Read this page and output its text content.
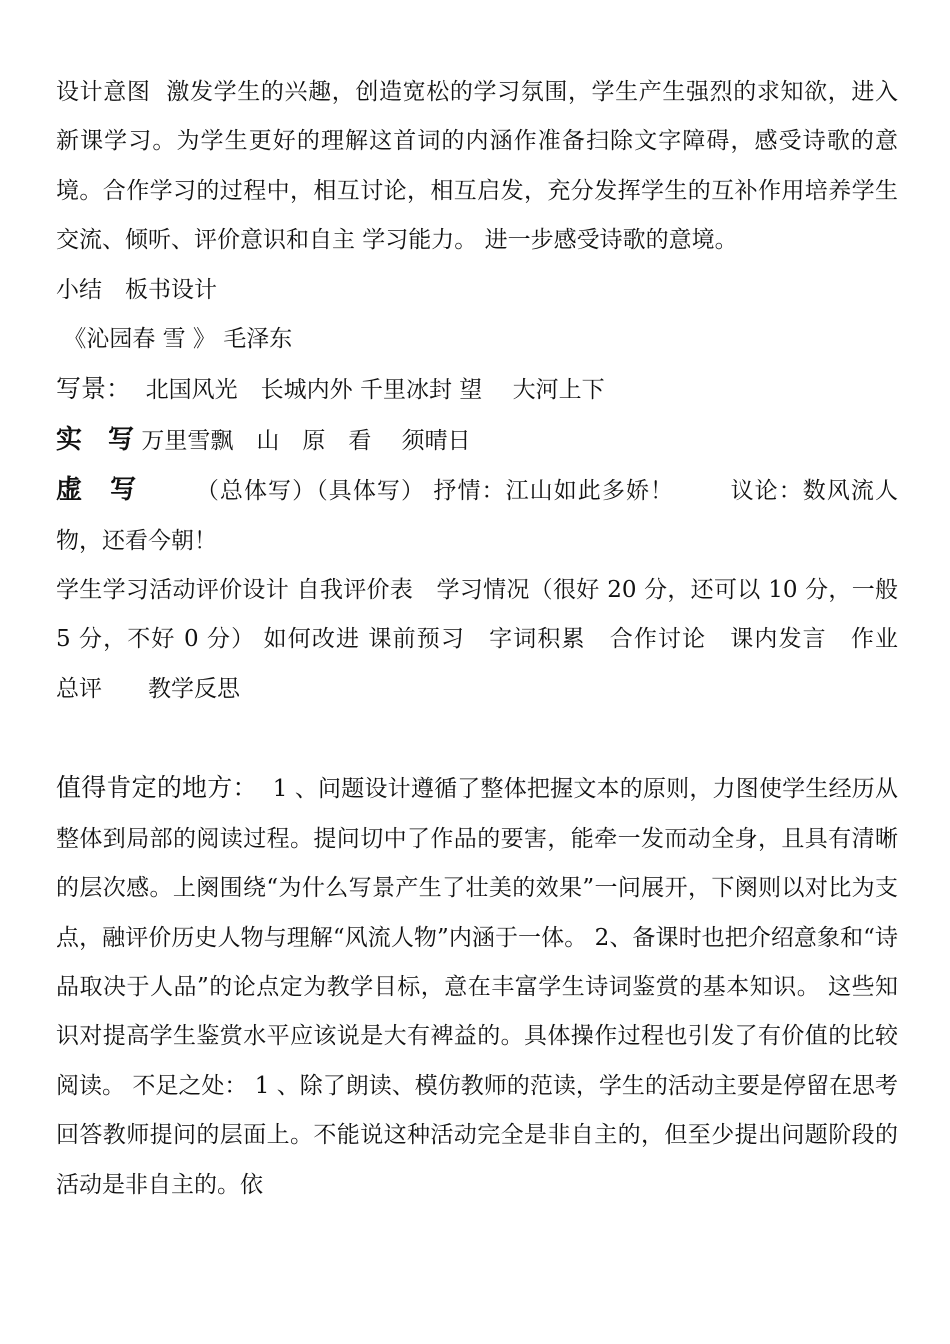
设计意图 激发学生的兴趣，创造宽松的学习氛围，学生产生强烈的求知欲，进入新课学习。为学生更好的理解这首词的内涵作准备扫除文字障碍，感受诗歌的意境。合作学习的过程中，相互讨论，相互启发，充分发挥学生的互补作用培养学生交流、倾听、评价意识和自主 学习能力。 进一步感受诗歌的意境。

小结　板书设计

《沁园春 雪 》 毛泽东

写景： 北国风光　长城内外 千里冰封 望　 大河上下

实　写 万里雪飘　山　原　看　 须晴日

虚　写	（总体写）（具体写） 抒情：江山如此多娇！　　 议论：数风流人物，还看今朝！

学生学习活动评价设计 自我评价表　学习情况（很好 20 分，还可以 10 分，一般 5 分，不好 0 分） 如何改进 课前预习　字词积累　合作讨论　课内发言　作业　总评　　教学反思

值得肯定的地方： 1 、问题设计遵循了整体把握文本的原则，力图使学生经历从整体到局部的阅读过程。提问切中了作品的要害，能牵一发而动全身，且具有清晰的层次感。上阕围绕“为什么写景产生了壮美的效果”一问展开，下阕则以对比为支点，融评价历史人物与理解“风流人物”内涵于一体。 2、备课时也把介绍意象和“诗品取决于人品”的论点定为教学目标，意在丰富学生诗词鉴赏的基本知识。 这些知识对提高学生鉴赏水平应该说是大有裨益的。具体操作过程也引发了有价值的比较阅读。 不足之处： 1 、除了朗读、模仿教师的范读，学生的活动主要是停留在思考回答教师提问的层面上。不能说这种活动完全是非自主的，但至少提出问题阶段的活动是非自主的。依
